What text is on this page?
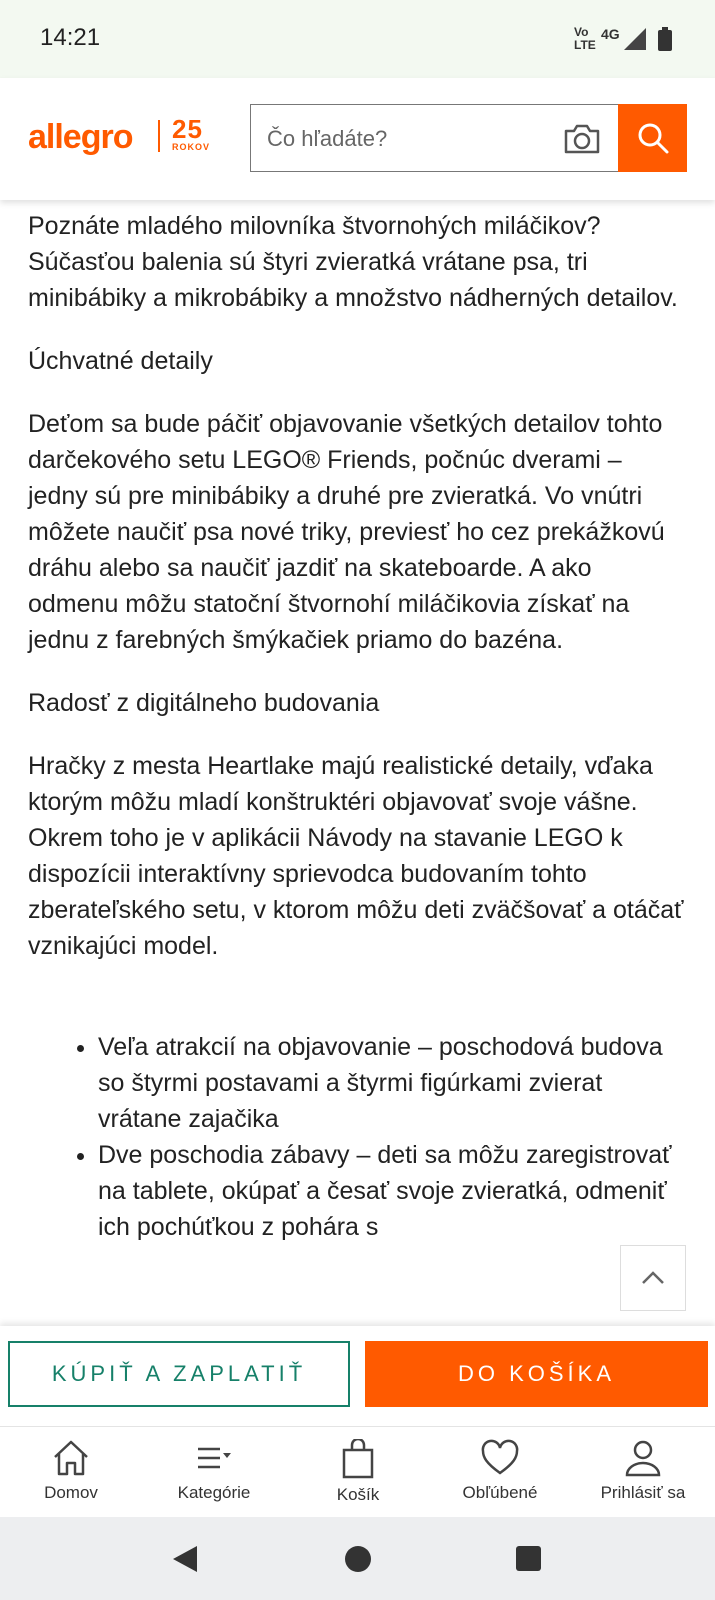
14:21	Vo
LTE
4G
allegro 25
ROKOV
Čo hľadáte?

Poznáte mladého milovníka štvornohých miláčikov? Súčasťou balenia sú štyri zvieratká vrátane psa, tri minibábiky a mikrobábiky a množstvo nádherných detailov.

Úchvatné detaily

Deťom sa bude páčiť objavovanie všetkých detailov tohto darčekového setu LEGO® Friends, počnúc dverami – jedny sú pre minibábiky a druhé pre zvieratká. Vo vnútri môžete naučiť psa nové triky, previesť ho cez prekážkovú dráhu alebo sa naučiť jazdiť na skateboarde. A ako odmenu môžu statoční štvornohí miláčikovia získať na jednu z farebných šmýkačiek priamo do bazéna.

Radosť z digitálneho budovania

Hračky z mesta Heartlake majú realistické detaily, vďaka ktorým môžu mladí konštruktéri objavovať svoje vášne. Okrem toho je v aplikácii Návody na stavanie LEGO k dispozícii interaktívny sprievodca budovaním tohto zberateľského setu, v ktorom môžu deti zväčšovať a otáčať vznikajúci model.

• Veľa atrakcií na objavovanie – poschodová budova so štyrmi postavami a štyrmi figúrkami zvierat vrátane zajačika
• Dve poschodia zábavy – deti sa môžu zaregistrovať na tablete, okúpať a česať svoje zvieratká, odmeniť ich pochúťkou z pohára s
KÚPIŤ A ZAPLATIŤ	DO KOŠÍKA
Domov	Kategórie	Košík	Obľúbené	Prihlásiť sa
